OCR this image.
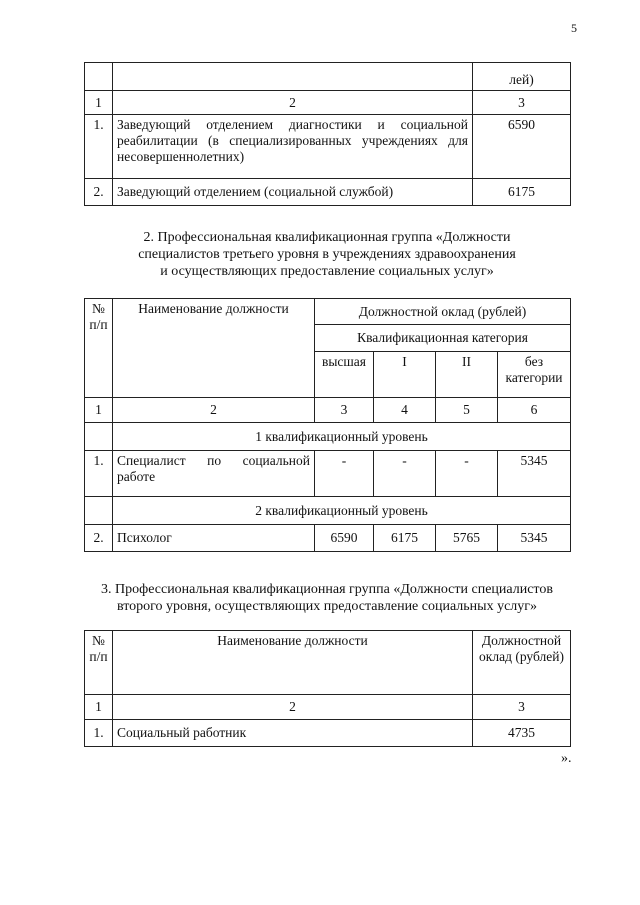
5
		лей)
1	2	3
1.	Заведующий отделением диагностики и социальной реабилитации (в специализированных учреждениях для несовершеннолетних)	6590
2.	Заведующий отделением (социальной службой)	6175
2. Профессиональная квалификационная группа «Должности
специалистов третьего уровня в учреждениях здравоохранения
и осуществляющих предоставление социальных услуг»
№ п/п	Наименование должности	Должностной оклад (рублей)			
		Квалификационная категория			
		высшая	I	II	без категории
1	2	3	4	5	6
	1 квалификационный уровень				
1.	Специалист по социальной работе	-	-	-	5345
	2 квалификационный уровень				
2.	Психолог	6590	6175	5765	5345
3. Профессиональная квалификационная группа «Должности специалистов
второго уровня, осуществляющих предоставление социальных услуг»
№ п/п	Наименование должности	Должностной оклад (рублей)
1	2	3
1.	Социальный работник	4735
».
